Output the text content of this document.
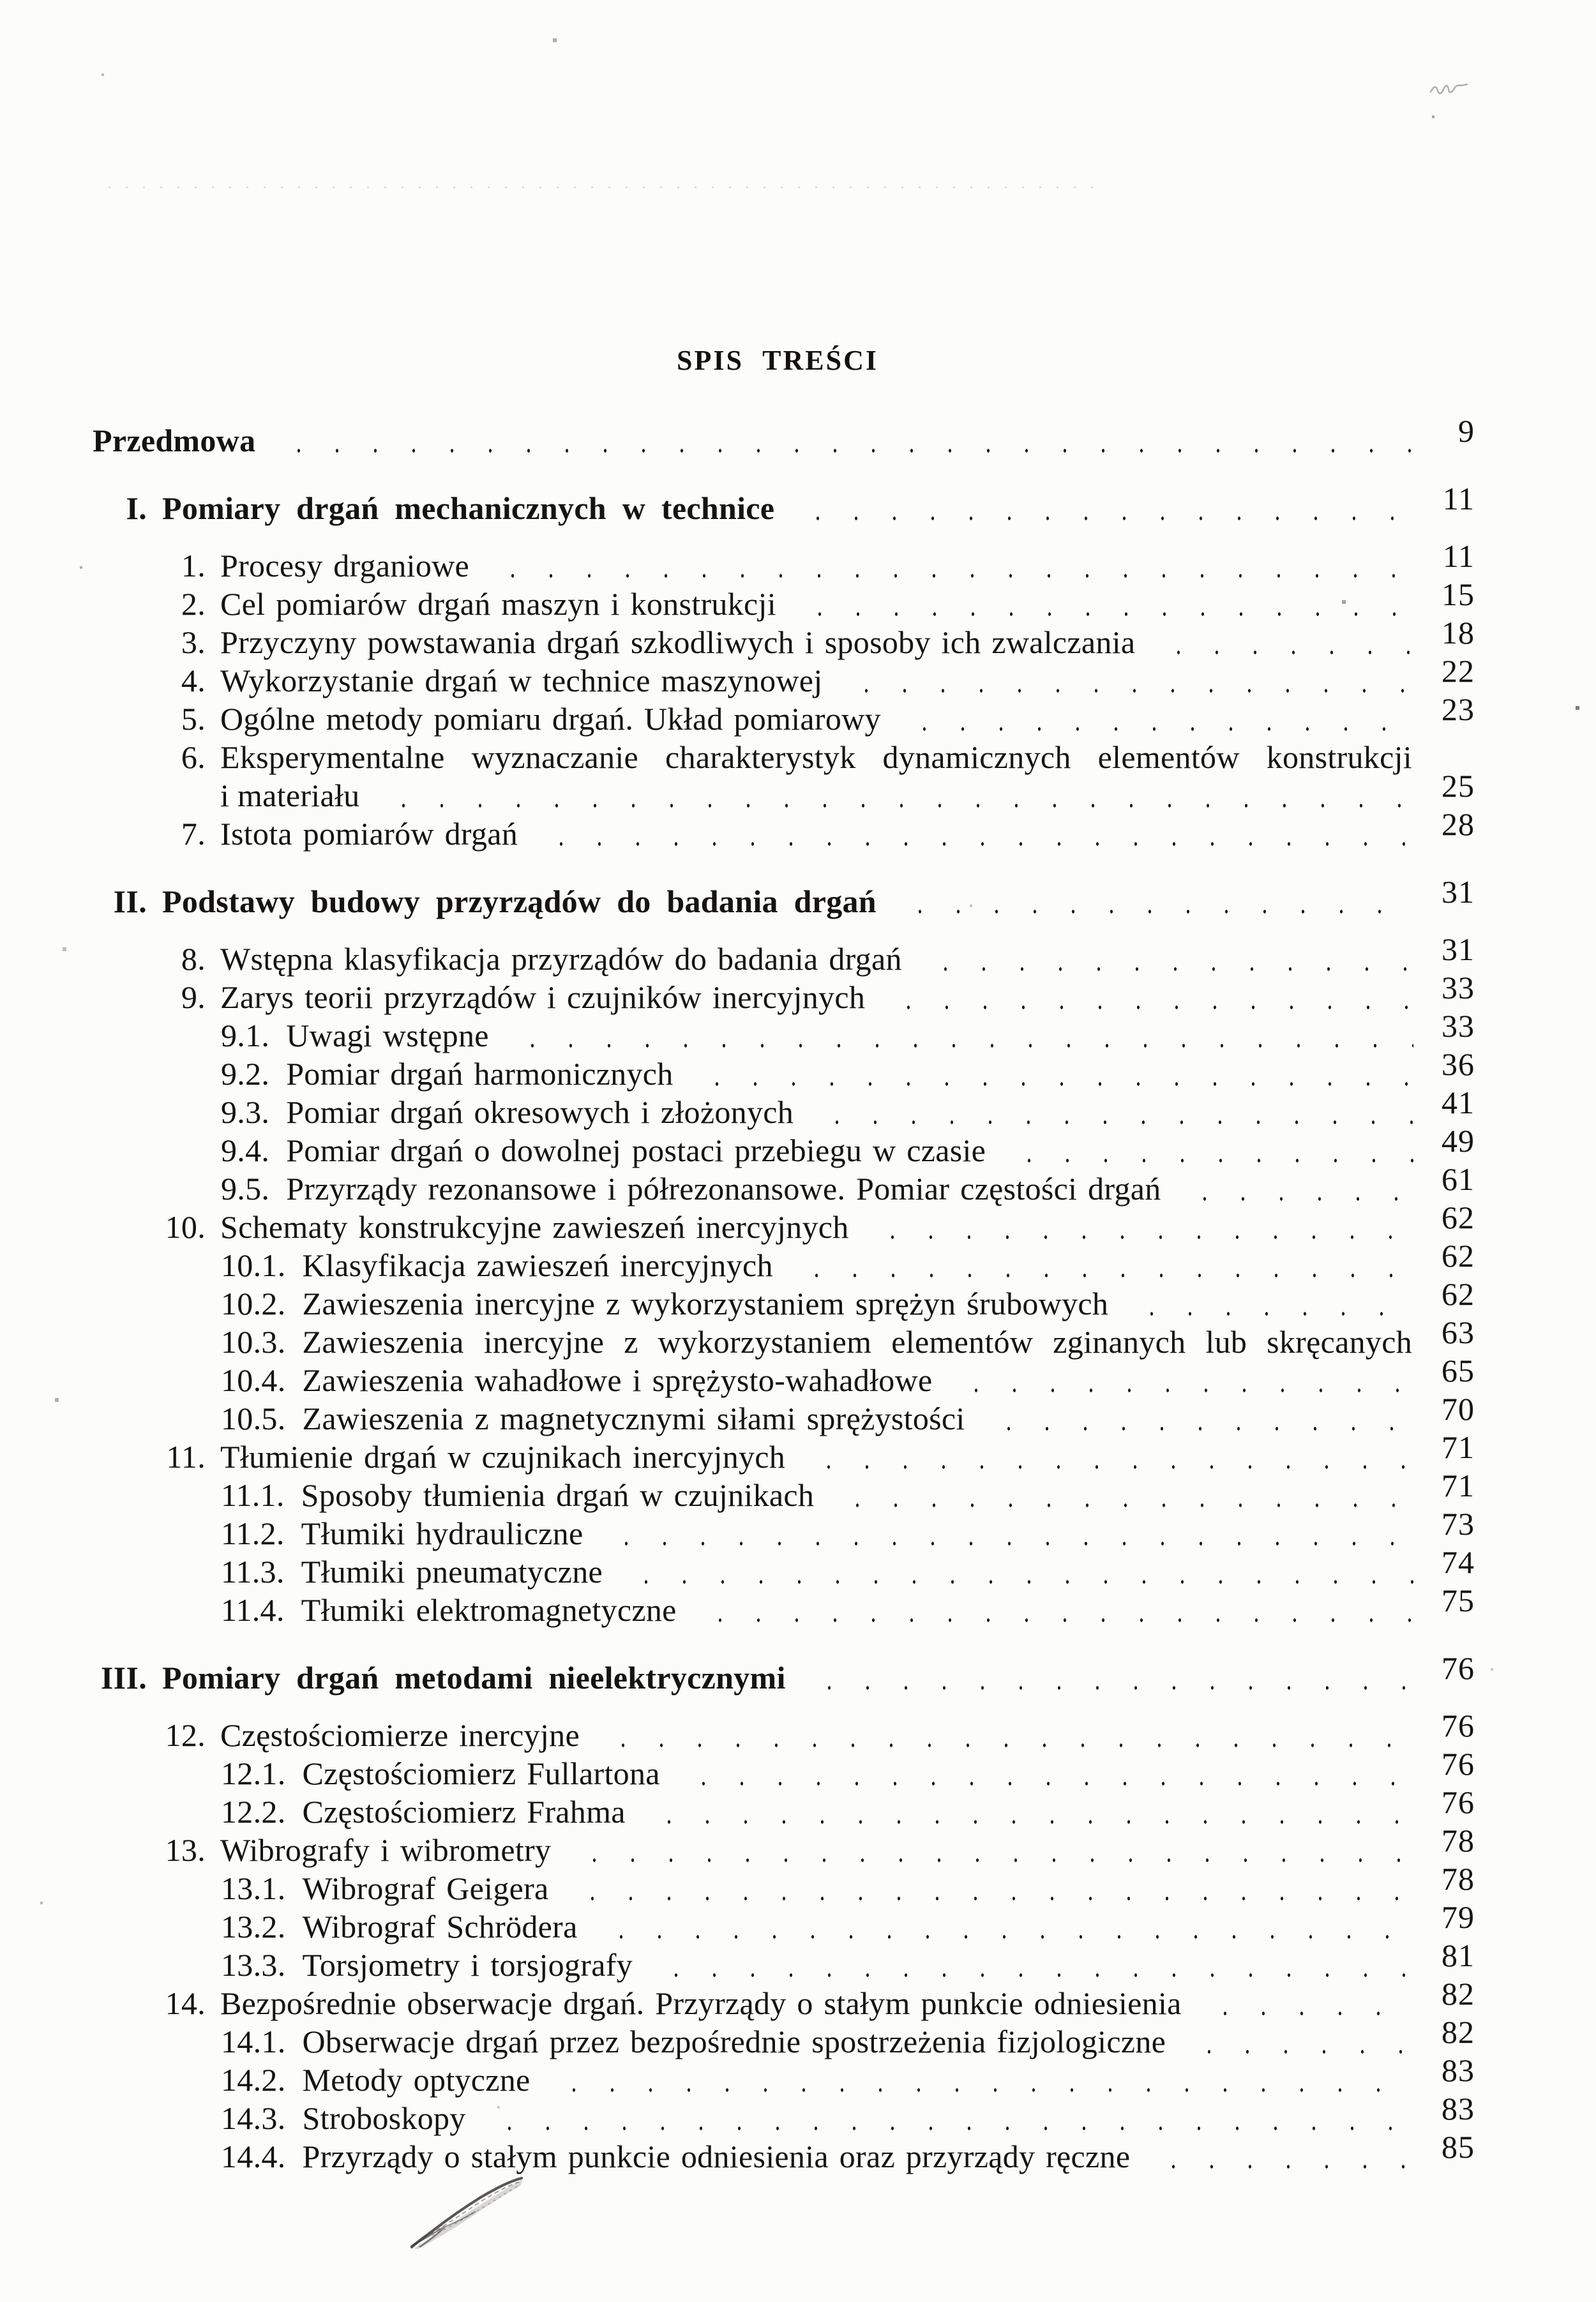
SPIS TREŚCI
Przedmowa	9
I. Pomiary drgań mechanicznych w technice	11
1. Procesy drganiowe	11
2. Cel pomiarów drgań maszyn i konstrukcji	15
3. Przyczyny powstawania drgań szkodliwych i sposoby ich zwalczania	18
4. Wykorzystanie drgań w technice maszynowej	22
5. Ogólne metody pomiaru drgań. Układ pomiarowy	23
6. Eksperymentalne wyznaczanie charakterystyk dynamicznych elementów konstrukcji
i materiału	25
7. Istota pomiarów drgań	28
II. Podstawy budowy przyrządów do badania drgań	31
8. Wstępna klasyfikacja przyrządów do badania drgań	31
9. Zarys teorii przyrządów i czujników inercyjnych	33
9.1. Uwagi wstępne	33
9.2. Pomiar drgań harmonicznych	36
9.3. Pomiar drgań okresowych i złożonych	41
9.4. Pomiar drgań o dowolnej postaci przebiegu w czasie	49
9.5. Przyrządy rezonansowe i półrezonansowe. Pomiar częstości drgań	61
10. Schematy konstrukcyjne zawieszeń inercyjnych	62
10.1. Klasyfikacja zawieszeń inercyjnych	62
10.2. Zawieszenia inercyjne z wykorzystaniem sprężyn śrubowych	62
10.3. Zawieszenia inercyjne z wykorzystaniem elementów zginanych lub skręcanych 63
10.4. Zawieszenia wahadłowe i sprężysto-wahadłowe	65
10.5. Zawieszenia z magnetycznymi siłami sprężystości	70
11. Tłumienie drgań w czujnikach inercyjnych	71
11.1. Sposoby tłumienia drgań w czujnikach	71
11.2. Tłumiki hydrauliczne	73
11.3. Tłumiki pneumatyczne	74
11.4. Tłumiki elektromagnetyczne	75
III. Pomiary drgań metodami nieelektrycznymi	76
12. Częstościomierze inercyjne	76
12.1. Częstościomierz Fullartona	76
12.2. Częstościomierz Frahma	76
13. Wibrografy i wibrometry	78
13.1. Wibrograf Geigera	78
13.2. Wibrograf Schrödera	79
13.3. Torsjometry i torsjografy	81
14. Bezpośrednie obserwacje drgań. Przyrządy o stałym punkcie odniesienia	82
14.1. Obserwacje drgań przez bezpośrednie spostrzeżenia fizjologiczne	82
14.2. Metody optyczne	83
14.3. Stroboskopy	83
14.4. Przyrządy o stałym punkcie odniesienia oraz przyrządy ręczne	85
